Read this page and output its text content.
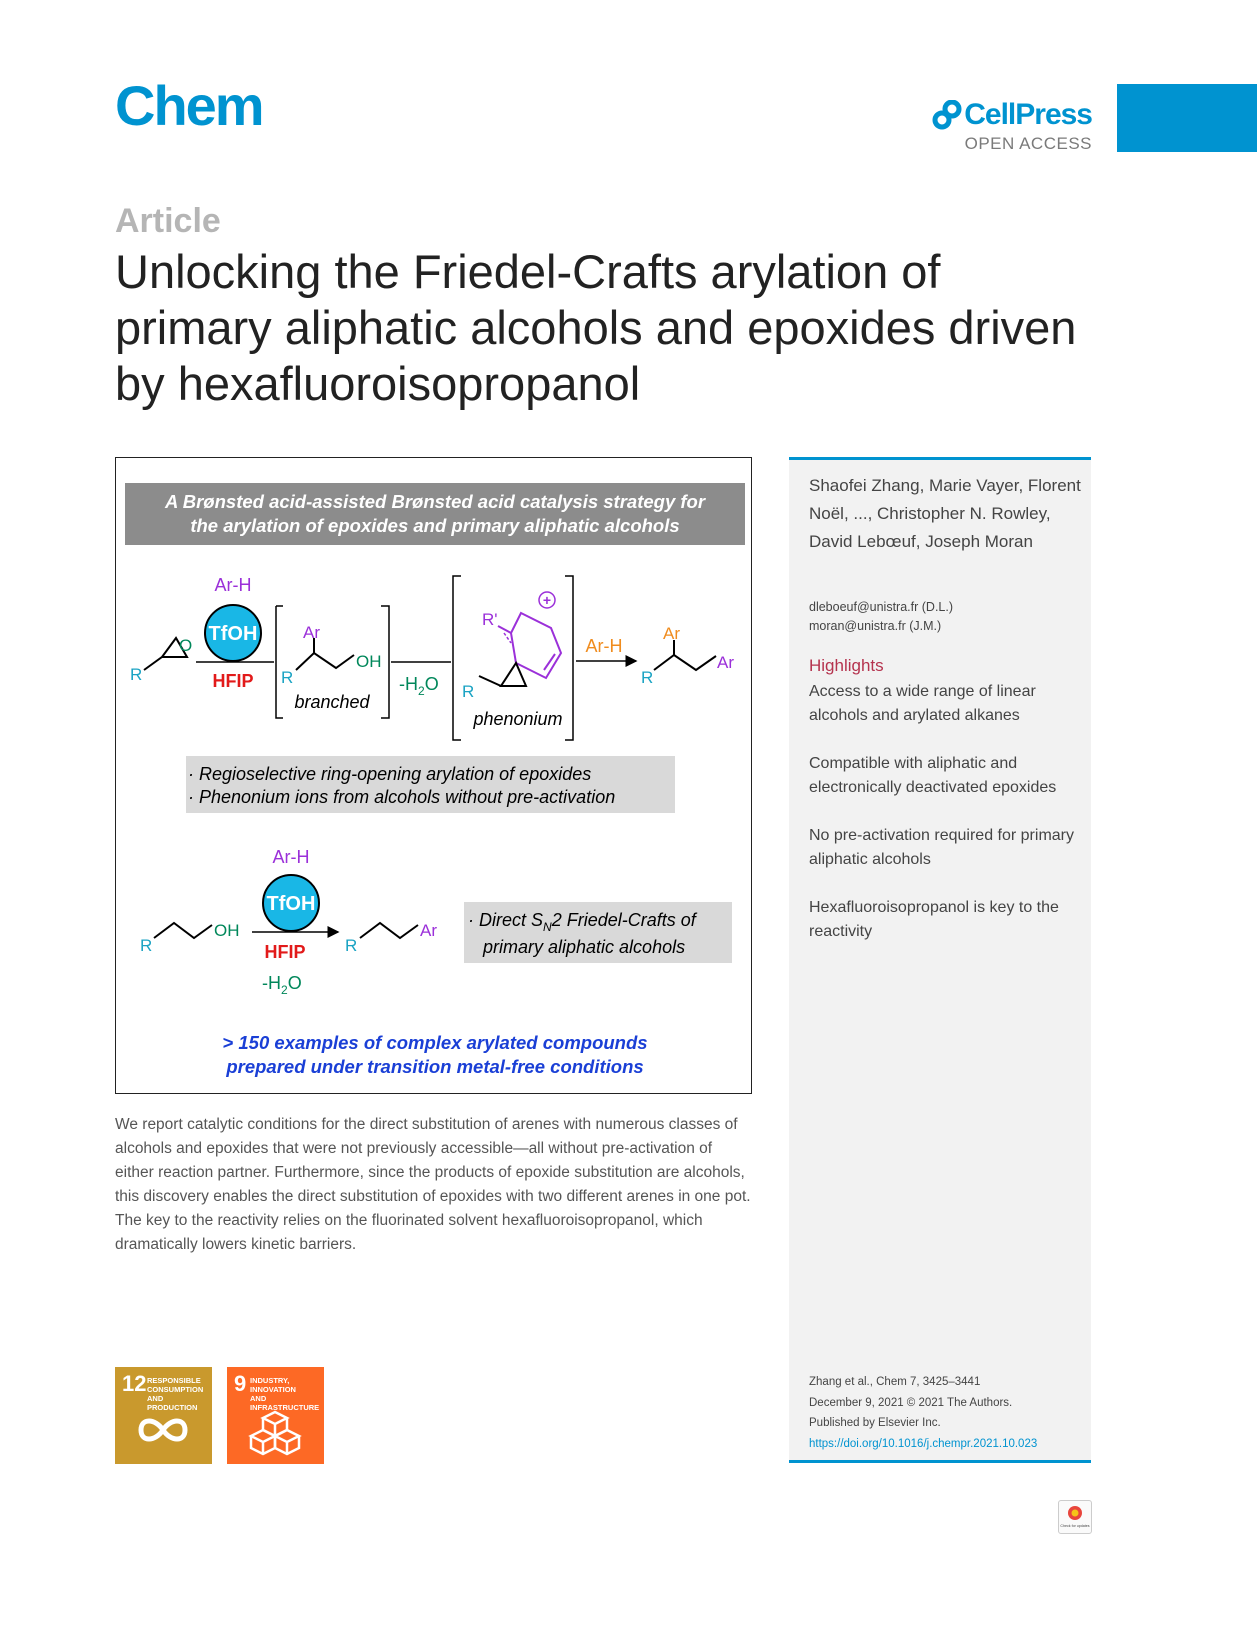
Chem	CellPress
OPEN ACCESS
Article
Unlocking the Friedel-Crafts arylation of primary aliphatic alcohols and epoxides driven by hexafluoroisopropanol
A Brønsted acid-assisted Brønsted acid catalysis strategy for
the arylation of epoxides and primary aliphatic alcohols
R
O
Ar-H
TfOH
HFIP R
Ar
OH
branched
$-H_2O$
R'
+
R
phenonium
Ar-H
R
Ar
Ar
· Regioselective ring-opening arylation of epoxides
· Phenonium ions from alcohols without pre-activation
Ar-H
TfOH
R
OH
HFIP
$-H_2O$
R
Ar
· Direct $S_N2$ Friedel-Crafts of
primary aliphatic alcohols
> 150 examples of complex arylated compounds
prepared under transition metal-free conditions
Shaofei Zhang, Marie Vayer, Florent Noël, ..., Christopher N. Rowley, David Lebœuf, Joseph Moran
dleboeuf@unistra.fr (D.L.)
moran@unistra.fr (J.M.)
Highlights
Access to a wide range of linear alcohols and arylated alkanes
Compatible with aliphatic and electronically deactivated epoxides
No pre-activation required for primary aliphatic alcohols
Hexafluoroisopropanol is key to the reactivity
Zhang et al., Chem 7, 3425–3441
December 9, 2021 © 2021 The Authors.
Published by Elsevier Inc.
https://doi.org/10.1016/j.chempr.2021.10.023
We report catalytic conditions for the direct substitution of arenes with numerous classes of alcohols and epoxides that were not previously accessible—all without pre-activation of either reaction partner. Furthermore, since the products of epoxide substitution are alcohols, this discovery enables the direct substitution of epoxides with two different arenes in one pot. The key to the reactivity relies on the fluorinated solvent hexafluoroisopropanol, which dramatically lowers kinetic barriers.
12 RESPONSIBLE
CONSUMPTION
AND PRODUCTION
9 INDUSTRY, INNOVATION
AND INFRASTRUCTURE
Check for updates
